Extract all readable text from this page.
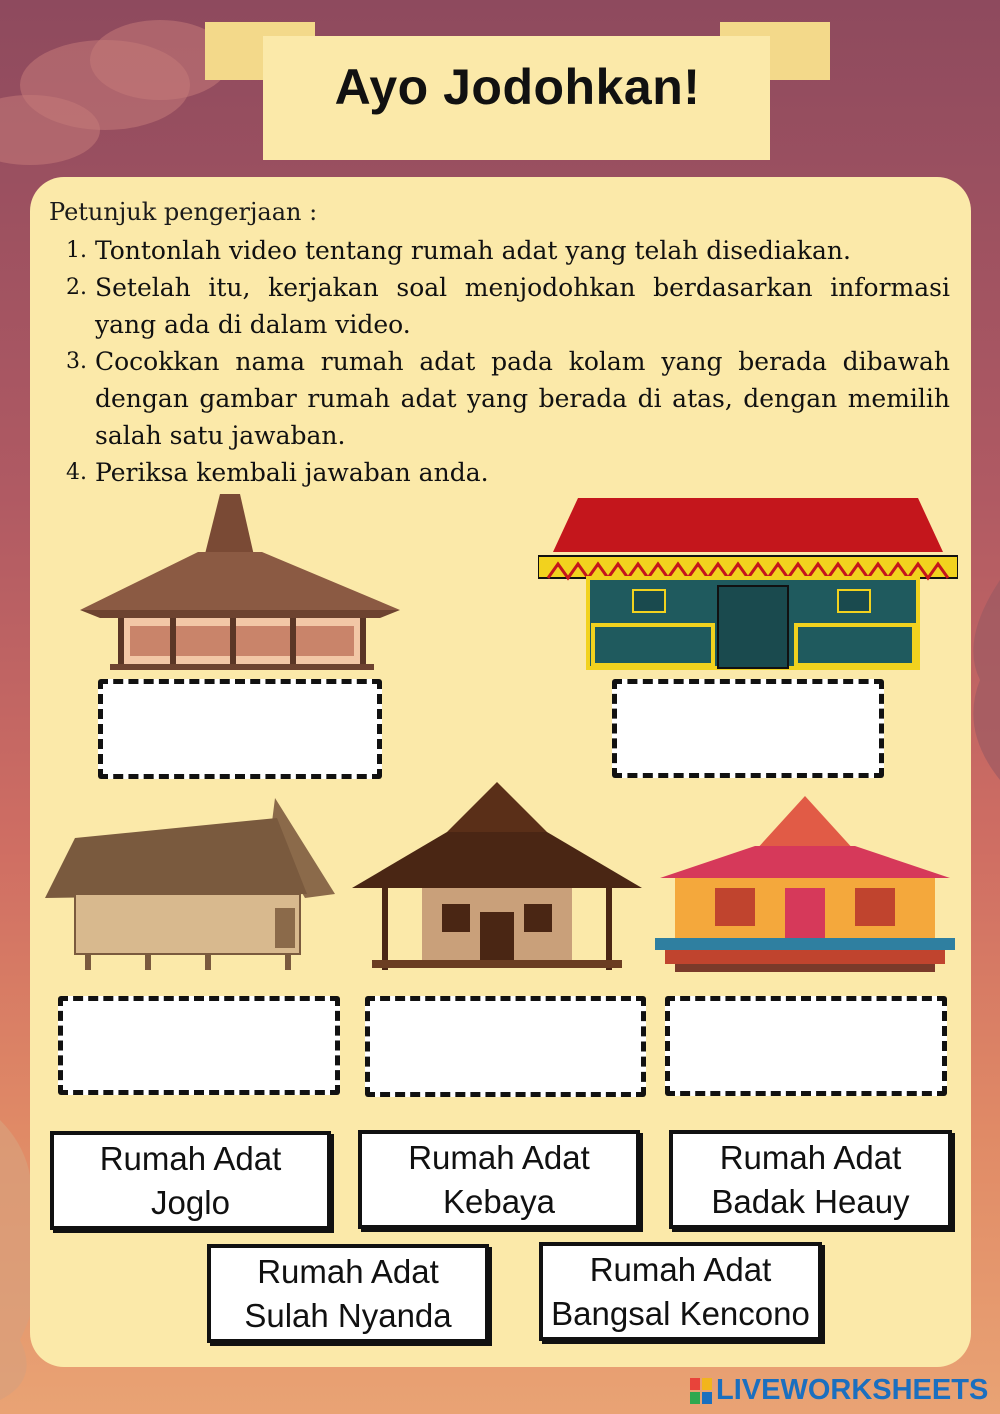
Ayo Jodohkan!
Petunjuk pengerjaan :
1. Tontonlah video tentang rumah adat yang telah disediakan.
2. Setelah itu, kerjakan soal menjodohkan berdasarkan informasi yang ada di dalam video.
3. Cocokkan nama rumah adat pada kolam yang berada dibawah dengan gambar rumah adat yang berada di atas, dengan memilih salah satu jawaban.
4. Periksa kembali jawaban anda.
Rumah Adat
Joglo
Rumah Adat
Kebaya
Rumah Adat
Badak Heauy
Rumah Adat
Sulah Nyanda
Rumah Adat
Bangsal Kencono
LIVEWORKSHEETS
